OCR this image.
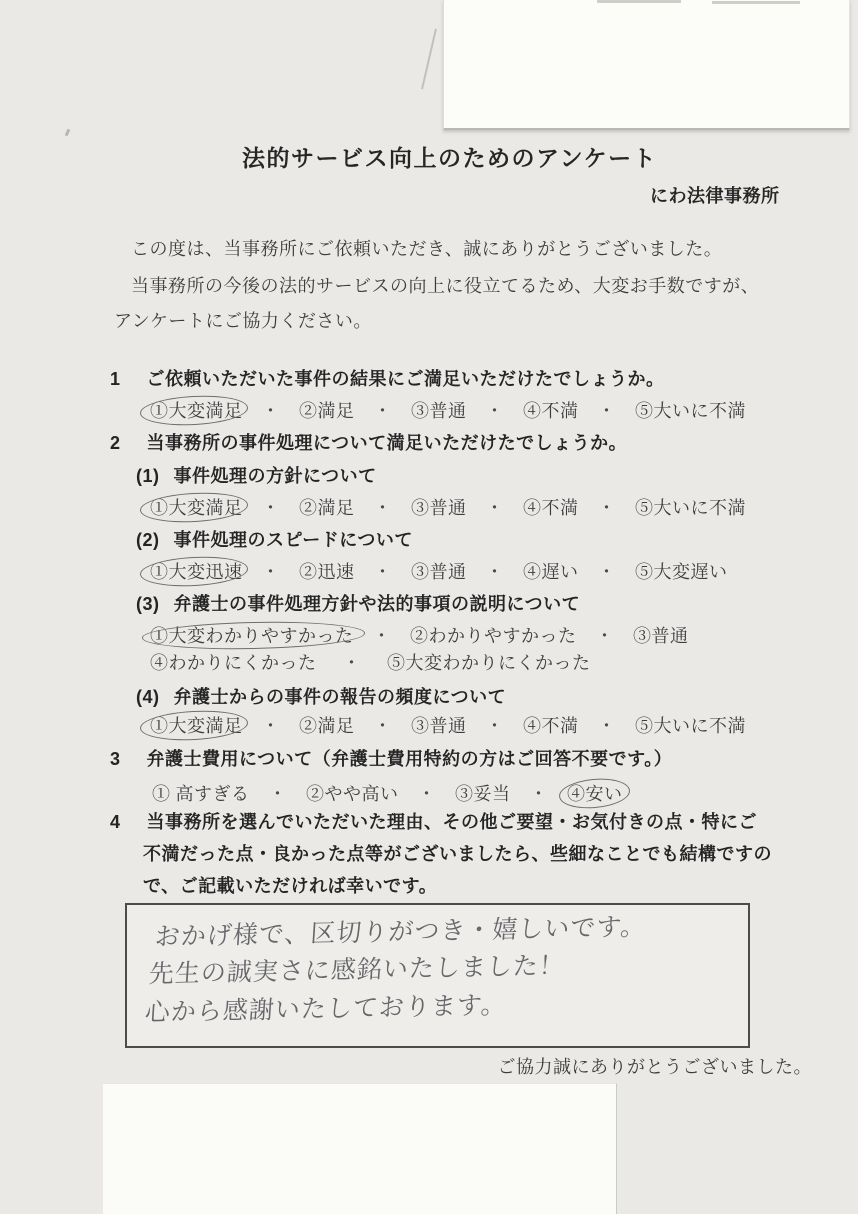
法的サービス向上のためのアンケート
にわ法律事務所
この度は、当事務所にご依頼いただき、誠にありがとうございました。
当事務所の今後の法的サービスの向上に役立てるため、大変お手数ですが、
アンケートにご協力ください。
1 ご依頼いただいた事件の結果にご満足いただけたでしょうか。
①大変満足 ・ ②満足 ・ ③普通 ・ ④不満 ・ ⑤大いに不満
2 当事務所の事件処理について満足いただけたでしょうか。
(1) 事件処理の方針について
①大変満足 ・ ②満足 ・ ③普通 ・ ④不満 ・ ⑤大いに不満
(2) 事件処理のスピードについて
①大変迅速 ・ ②迅速 ・ ③普通 ・ ④遅い ・ ⑤大変遅い
(3) 弁護士の事件処理方針や法的事項の説明について
①大変わかりやすかった ・ ②わかりやすかった ・ ③普通
④わかりにくかった ・ ⑤大変わかりにくかった
(4) 弁護士からの事件の報告の頻度について
①大変満足 ・ ②満足 ・ ③普通 ・ ④不満 ・ ⑤大いに不満
3 弁護士費用について（弁護士費用特約の方はご回答不要です。）
① 高すぎる ・ ②やや高い ・ ③妥当 ・ ④安い
4 当事務所を選んでいただいた理由、その他ご要望・お気付きの点・特にご
不満だった点・良かった点等がございましたら、些細なことでも結構ですの
で、ご記載いただければ幸いです。
おかげ様で、区切りがつき・嬉しいです。
先生の誠実さに感銘いたしました！
心から感謝いたしております。
ご協力誠にありがとうございました。
